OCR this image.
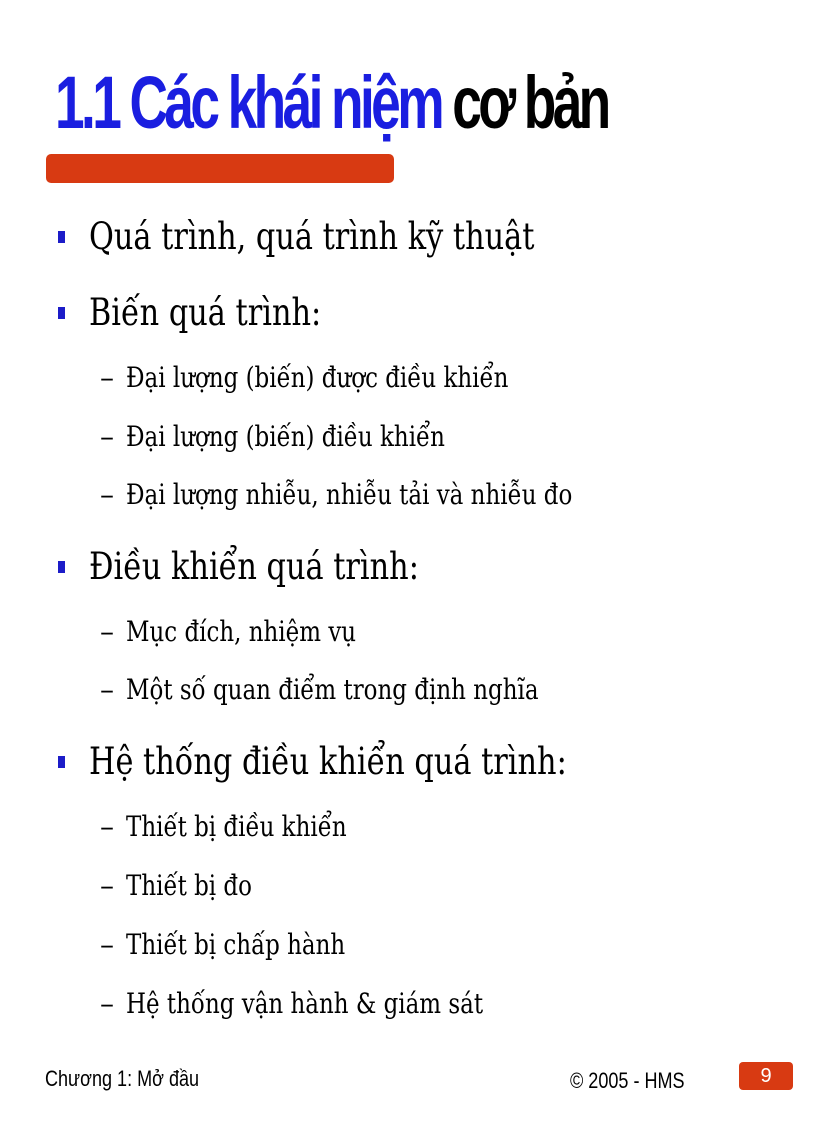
1.1 Các khái niệm cơ bản
Quá trình, quá trình kỹ thuật
Biến quá trình:
– Đại lượng (biến) được điều khiển
– Đại lượng (biến) điều khiển
– Đại lượng nhiễu, nhiễu tải và nhiễu đo
Điều khiển quá trình:
– Mục đích, nhiệm vụ
– Một số quan điểm trong định nghĩa
Hệ thống điều khiển quá trình:
– Thiết bị điều khiển
– Thiết bị đo
– Thiết bị chấp hành
– Hệ thống vận hành & giám sát
Chương 1: Mở đầu	© 2005 - HMS	9
